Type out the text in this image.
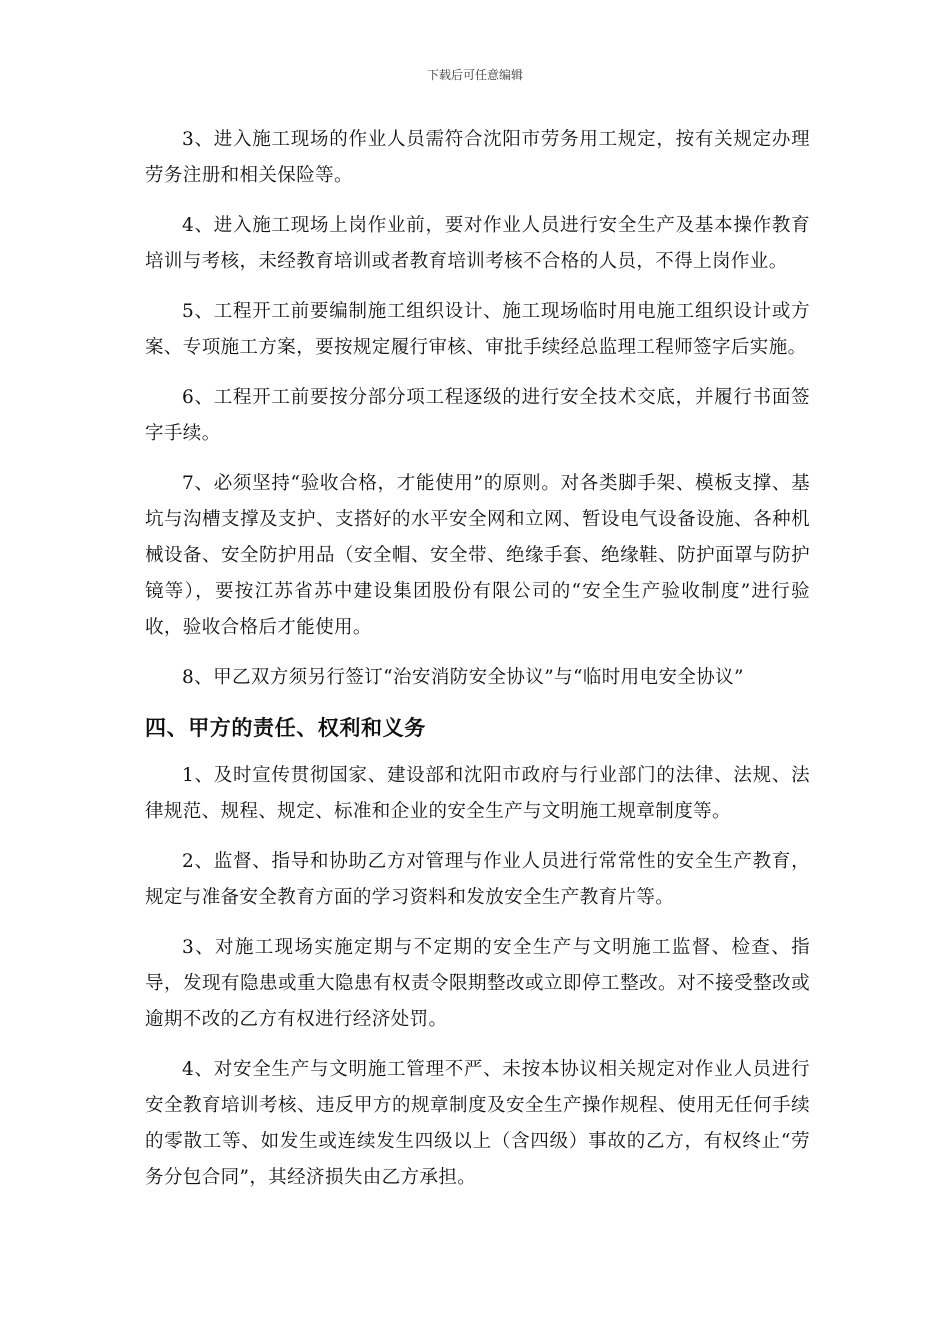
下载后可任意编辑

3、进入施工现场的作业人员需符合沈阳市劳务用工规定，按有关规定办理劳务注册和相关保险等。

4、进入施工现场上岗作业前，要对作业人员进行安全生产及基本操作教育培训与考核，未经教育培训或者教育培训考核不合格的人员，不得上岗作业。

5、工程开工前要编制施工组织设计、施工现场临时用电施工组织设计或方案、专项施工方案，要按规定履行审核、审批手续经总监理工程师签字后实施。

6、工程开工前要按分部分项工程逐级的进行安全技术交底，并履行书面签字手续。

7、必须坚持“验收合格，才能使用”的原则。对各类脚手架、模板支撑、基坑与沟槽支撑及支护、支搭好的水平安全网和立网、暂设电气设备设施、各种机械设备、安全防护用品（安全帽、安全带、绝缘手套、绝缘鞋、防护面罩与防护镜等），要按江苏省苏中建设集团股份有限公司的“安全生产验收制度”进行验收，验收合格后才能使用。

8、甲乙双方须另行签订“治安消防安全协议”与“临时用电安全协议”

四、甲方的责任、权利和义务

1、及时宣传贯彻国家、建设部和沈阳市政府与行业部门的法律、法规、法律规范、规程、规定、标准和企业的安全生产与文明施工规章制度等。

2、监督、指导和协助乙方对管理与作业人员进行常常性的安全生产教育，规定与准备安全教育方面的学习资料和发放安全生产教育片等。

3、对施工现场实施定期与不定期的安全生产与文明施工监督、检查、指导，发现有隐患或重大隐患有权责令限期整改或立即停工整改。对不接受整改或逾期不改的乙方有权进行经济处罚。

4、对安全生产与文明施工管理不严、未按本协议相关规定对作业人员进行安全教育培训考核、违反甲方的规章制度及安全生产操作规程、使用无任何手续的零散工等、如发生或连续发生四级以上（含四级）事故的乙方，有权终止“劳务分包合同”，其经济损失由乙方承担。
